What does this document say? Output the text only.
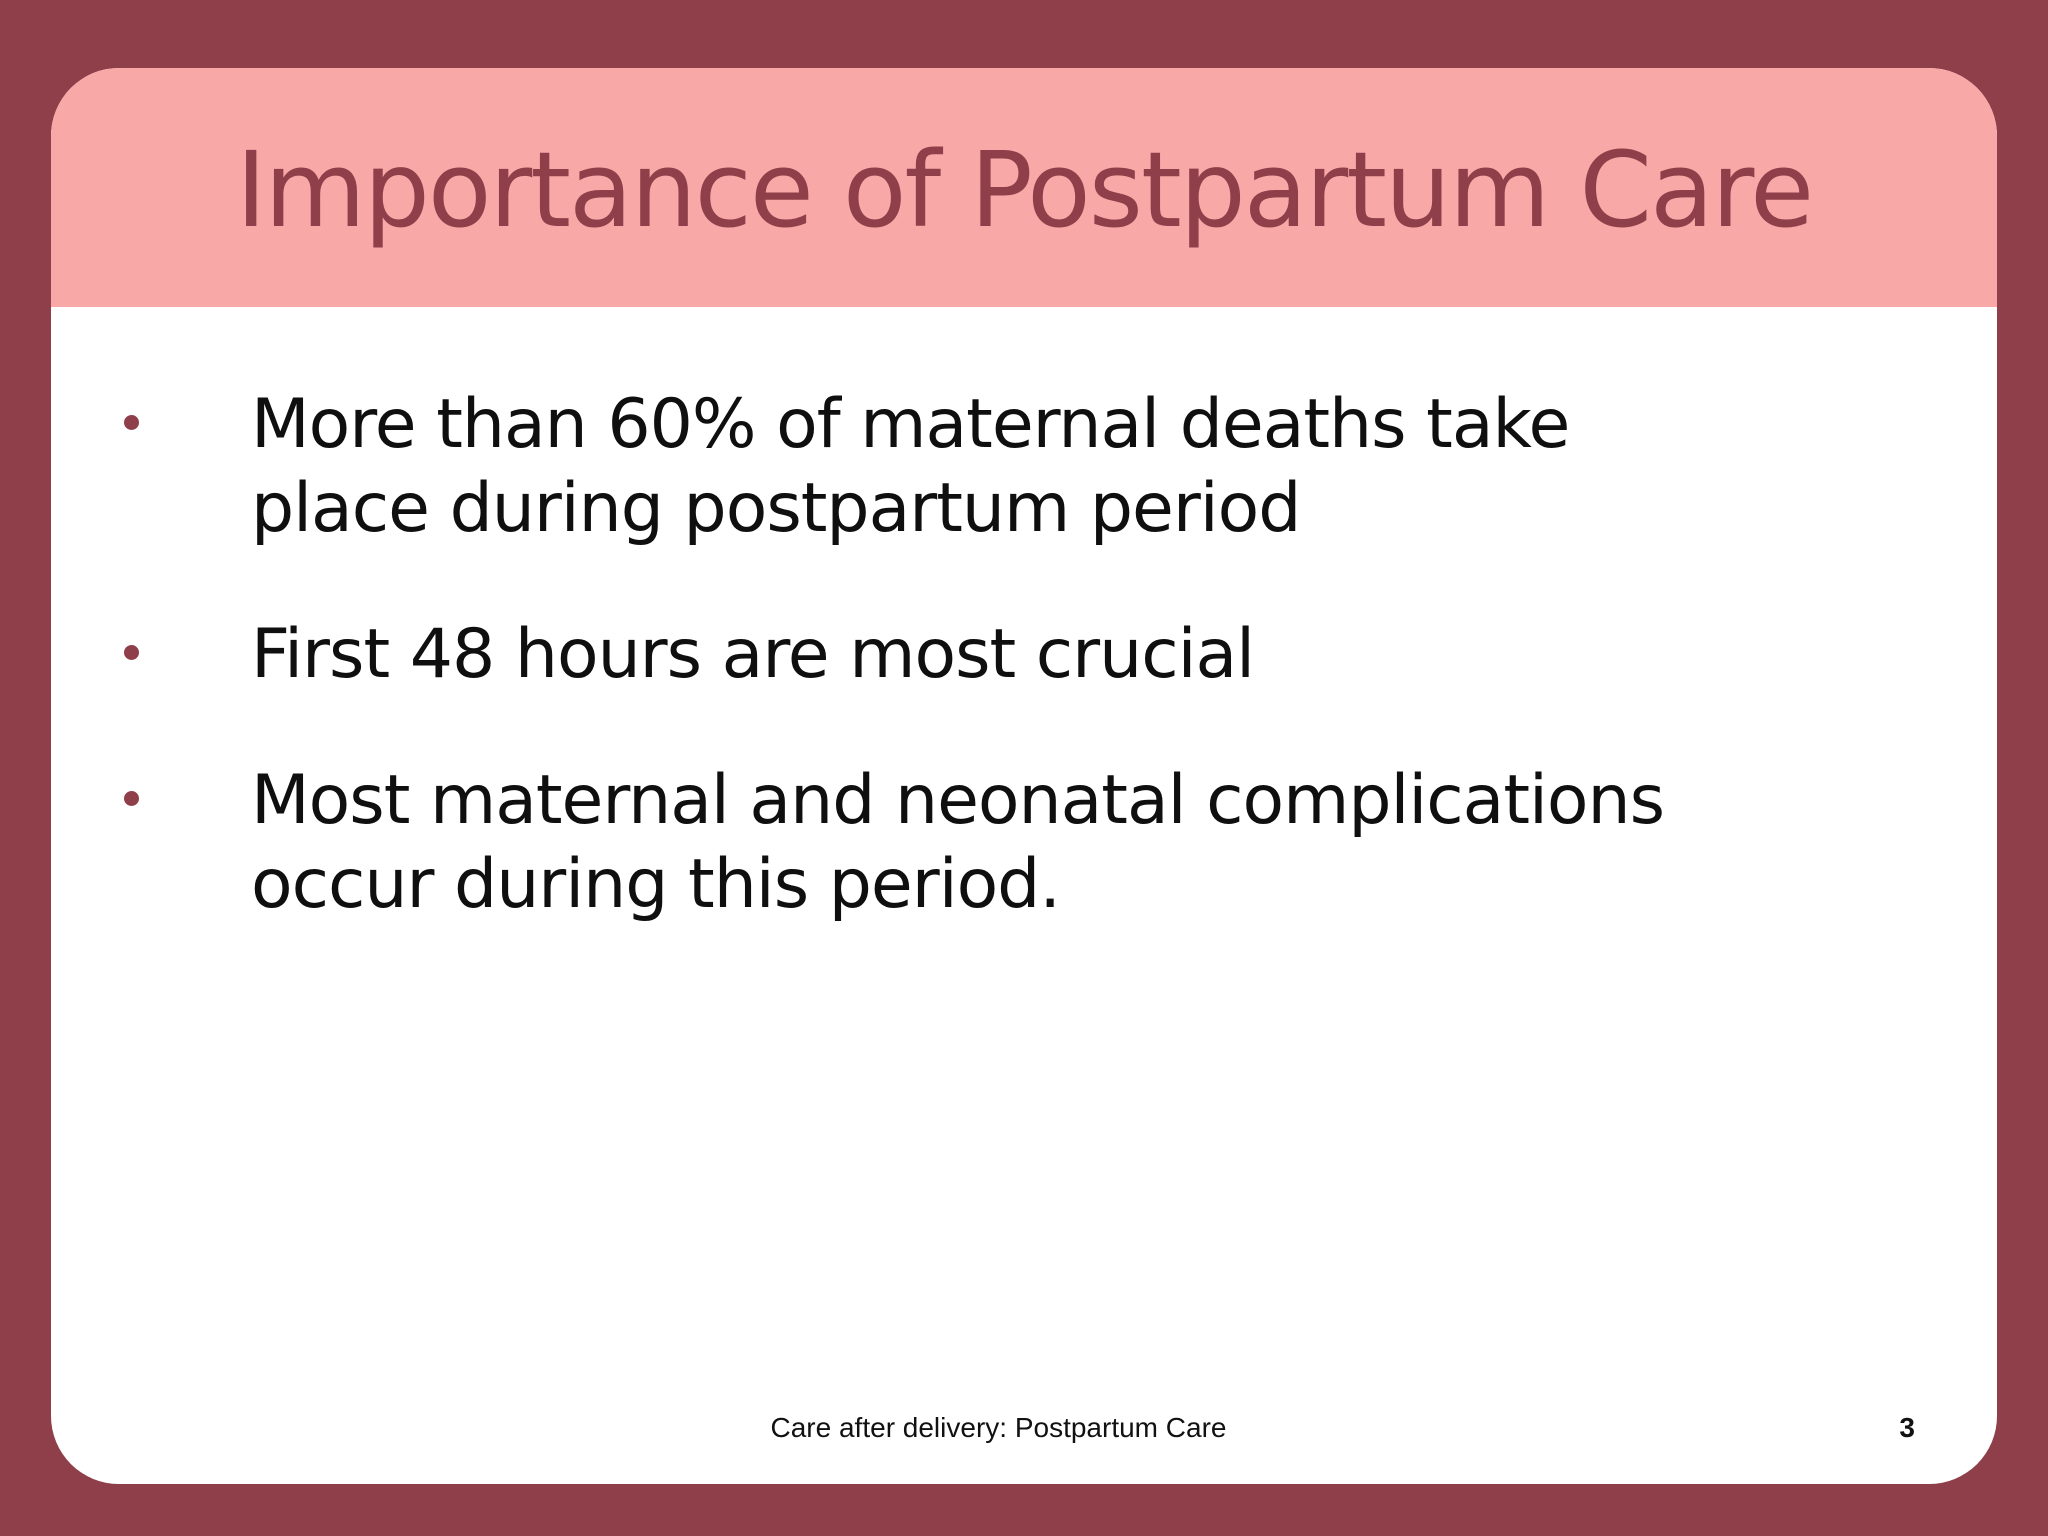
Importance of Postpartum Care
More than 60% of maternal deaths take
place during postpartum period
First 48 hours are most crucial
Most maternal and neonatal complications
occur during this period.
Care after delivery: Postpartum Care	3
